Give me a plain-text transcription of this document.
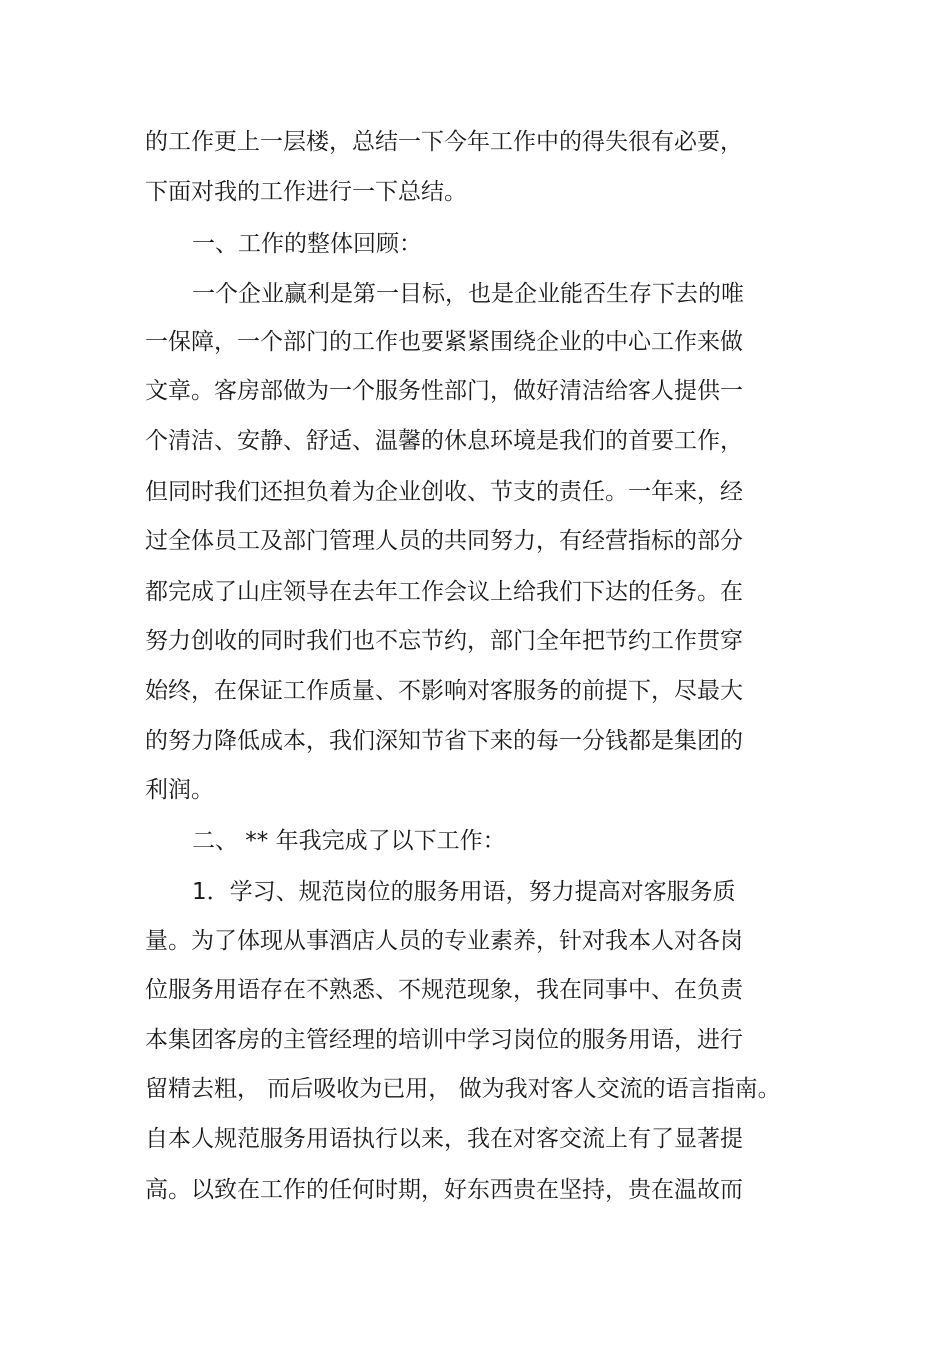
的工作更上一层楼，总结一下今年工作中的得失很有必要，
下面对我的工作进行一下总结。
一、工作的整体回顾：
一个企业赢利是第一目标，也是企业能否生存下去的唯
一保障，一个部门的工作也要紧紧围绕企业的中心工作来做
文章。客房部做为一个服务性部门，做好清洁给客人提供一
个清洁、安静、舒适、温馨的休息环境是我们的首要工作，
但同时我们还担负着为企业创收、节支的责任。一年来，经
过全体员工及部门管理人员的共同努力，有经营指标的部分
都完成了山庄领导在去年工作会议上给我们下达的任务。在
努力创收的同时我们也不忘节约，部门全年把节约工作贯穿
始终，在保证工作质量、不影响对客服务的前提下，尽最大
的努力降低成本，我们深知节省下来的每一分钱都是集团的
利润。
二、 ** 年我完成了以下工作：
1．学习、规范岗位的服务用语，努力提高对客服务质
量。为了体现从事酒店人员的专业素养，针对我本人对各岗
位服务用语存在不熟悉、不规范现象，我在同事中、在负责
本集团客房的主管经理的培训中学习岗位的服务用语，进行
留精去粗， 而后吸收为已用， 做为我对客人交流的语言指南。
自本人规范服务用语执行以来，我在对客交流上有了显著提
高。以致在工作的任何时期，好东西贵在坚持，贵在温故而
